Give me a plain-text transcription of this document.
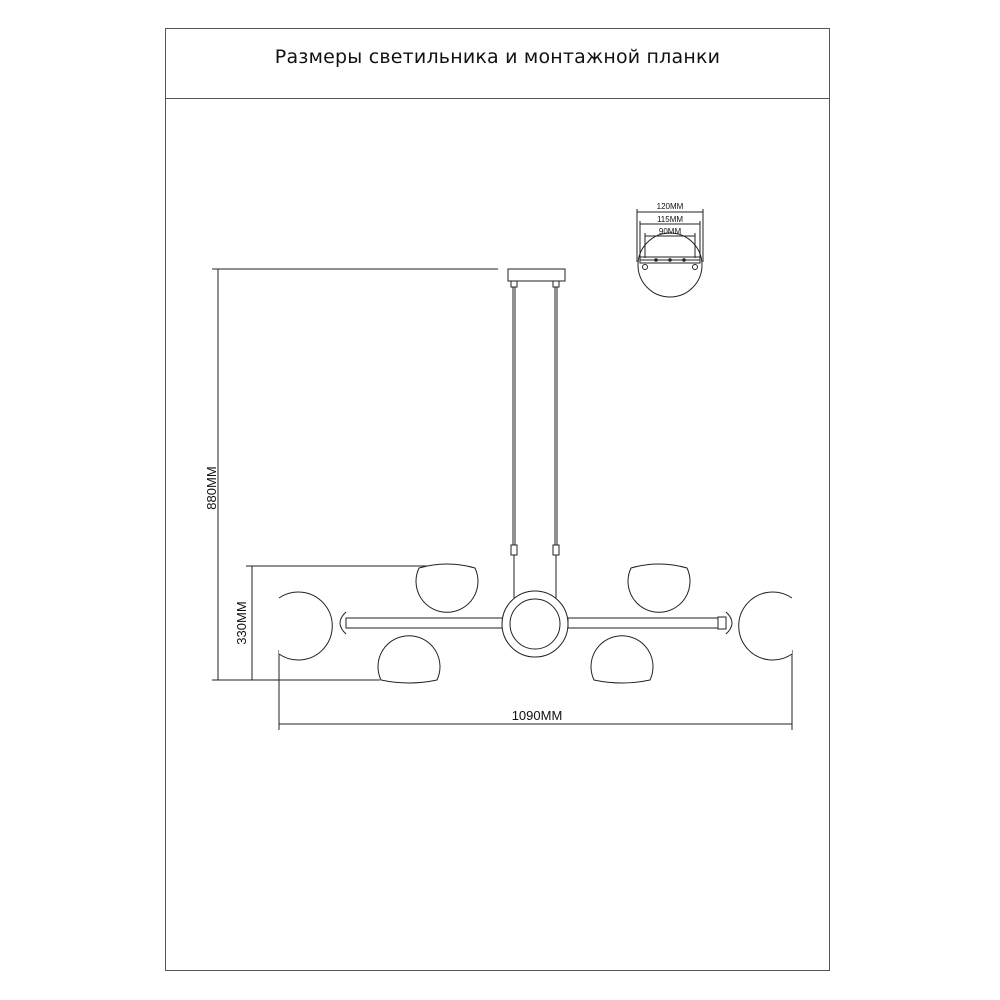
Размеры светильника и монтажной планки
880MM
330MM
1090MM
120MM
115MM
90MM
